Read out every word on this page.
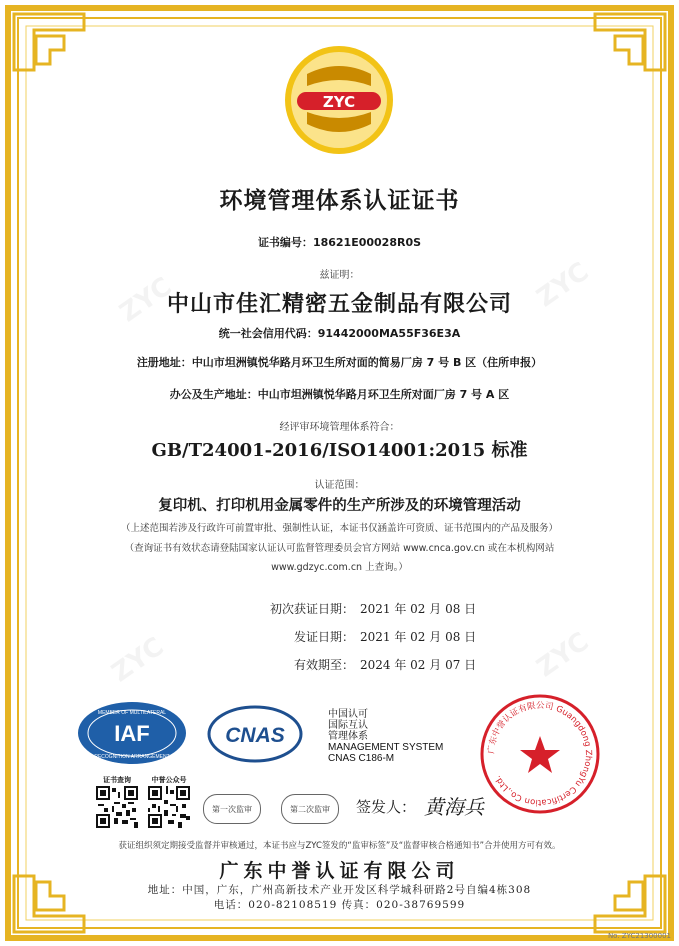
ZYC
环境管理体系认证证书
证书编号：18621E00028R0S
兹证明：
中山市佳汇精密五金制品有限公司
统一社会信用代码：91442000MA55F36E3A
注册地址：中山市坦洲镇悦华路月环卫生所对面的简易厂房 7 号 B 区（住所申报）
办公及生产地址：中山市坦洲镇悦华路月环卫生所对面厂房 7 号 A 区
经评审环境管理体系符合：
GB/T24001-2016/ISO14001:2015 标准
认证范围：
复印机、打印机用金属零件的生产所涉及的环境管理活动
（上述范围若涉及行政许可前置审批、强制性认证，本证书仅涵盖许可资质、证书范围内的产品及服务）
（查询证书有效状态请登陆国家认证认可监督管理委员会官方网站 www.cnca.gov.cn 或在本机构网站
www.gdzyc.com.cn 上查询。）
初次获证日期： 2021 年 02 月 08 日
发证日期： 2021 年 02 月 08 日
有效期至： 2024 年 02 月 07 日
IAF
MEMBER OF MULTILATERAL
RECOGNITION ARRANGEMENT
CNAS
中国认可
国际互认
管理体系
MANAGEMENT SYSTEM
CNAS C186-M
广东中誉认证有限公司 Guangdong ZhongYu Certification Co.,Ltd.
证书查询	中誉公众号
第一次监审	第二次监审	签发人： 黄海兵
获证组织须定期接受监督并审核通过，本证书应与ZYC签发的“监审标签”及“监督审核合格通知书”合并使用方可有效。
广东中誉认证有限公司
地址：中国，广东，广州高新技术产业开发区科学城科研路2号自编4栋308
电话：020-82108519 传真：020-38769599
No. ZYC21300001
